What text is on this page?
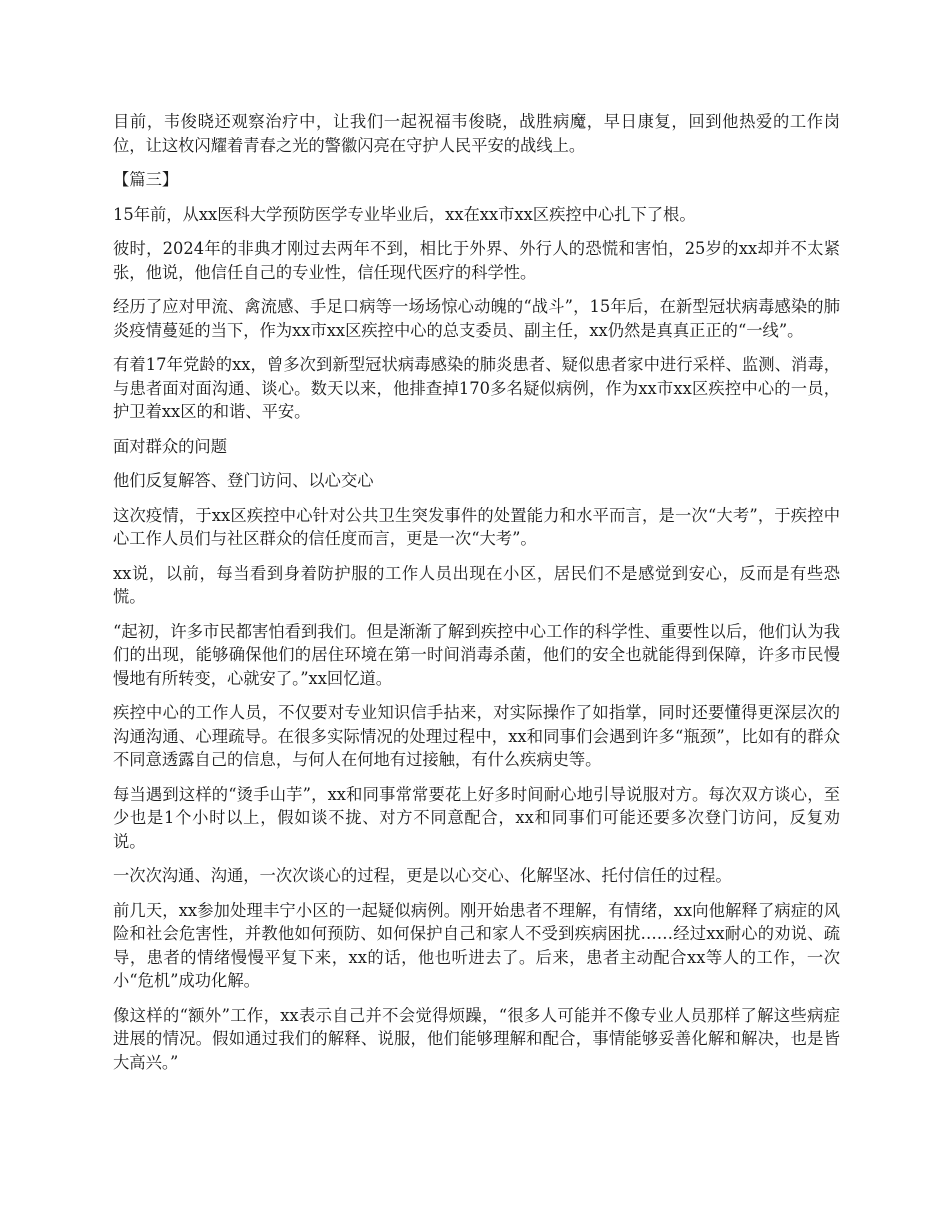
目前，韦俊晓还观察治疗中，让我们一起祝福韦俊晓，战胜病魔，早日康复，回到他热爱的工作岗位，让这枚闪耀着青春之光的警徽闪亮在守护人民平安的战线上。

【篇三】

15年前，从xx医科大学预防医学专业毕业后，xx在xx市xx区疾控中心扎下了根。

彼时，2024年的非典才刚过去两年不到，相比于外界、外行人的恐慌和害怕，25岁的xx却并不太紧张，他说，他信任自己的专业性，信任现代医疗的科学性。

经历了应对甲流、禽流感、手足口病等一场场惊心动魄的“战斗”，15年后，在新型冠状病毒感染的肺炎疫情蔓延的当下，作为xx市xx区疾控中心的总支委员、副主任，xx仍然是真真正正的“一线”。

有着17年党龄的xx，曾多次到新型冠状病毒感染的肺炎患者、疑似患者家中进行采样、监测、消毒，与患者面对面沟通、谈心。数天以来，他排查掉170多名疑似病例，作为xx市xx区疾控中心的一员，护卫着xx区的和谐、平安。

面对群众的问题

他们反复解答、登门访问、以心交心

这次疫情，于xx区疾控中心针对公共卫生突发事件的处置能力和水平而言，是一次“大考”，于疾控中心工作人员们与社区群众的信任度而言，更是一次“大考”。

xx说，以前，每当看到身着防护服的工作人员出现在小区，居民们不是感觉到安心，反而是有些恐慌。

“起初，许多市民都害怕看到我们。但是渐渐了解到疾控中心工作的科学性、重要性以后，他们认为我们的出现，能够确保他们的居住环境在第一时间消毒杀菌，他们的安全也就能得到保障，许多市民慢慢地有所转变，心就安了。”xx回忆道。

疾控中心的工作人员，不仅要对专业知识信手拈来，对实际操作了如指掌，同时还要懂得更深层次的沟通沟通、心理疏导。在很多实际情况的处理过程中，xx和同事们会遇到许多“瓶颈”，比如有的群众不同意透露自己的信息，与何人在何地有过接触，有什么疾病史等。

每当遇到这样的“烫手山芋”，xx和同事常常要花上好多时间耐心地引导说服对方。每次双方谈心，至少也是1个小时以上，假如谈不拢、对方不同意配合，xx和同事们可能还要多次登门访问，反复劝说。

一次次沟通、沟通，一次次谈心的过程，更是以心交心、化解坚冰、托付信任的过程。

前几天，xx参加处理丰宁小区的一起疑似病例。刚开始患者不理解，有情绪，xx向他解释了病症的风险和社会危害性，并教他如何预防、如何保护自己和家人不受到疾病困扰……经过xx耐心的劝说、疏导，患者的情绪慢慢平复下来，xx的话，他也听进去了。后来，患者主动配合xx等人的工作，一次小“危机”成功化解。

像这样的“额外”工作，xx表示自己并不会觉得烦躁，“很多人可能并不像专业人员那样了解这些病症进展的情况。假如通过我们的解释、说服，他们能够理解和配合，事情能够妥善化解和解决，也是皆大高兴。”
